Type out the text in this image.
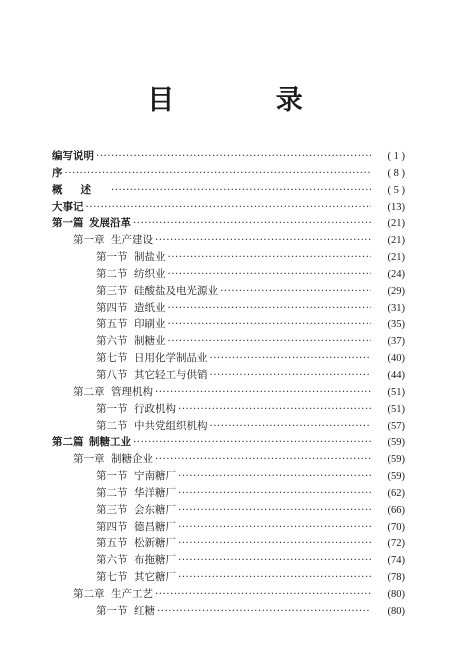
目 录
编写说明 ·····	( 1 )
序 ·····	( 8 )
概述 ·····	( 5 )
大事记 ·····	(13)
第一篇 发展沿革 ·····	(21)
第一章 生产建设 ·····	(21)
第一节 制盐业 ·····	(21)
第二节 纺织业 ·····	(24)
第三节 硅酸盐及电光源业 ·····	(29)
第四节 造纸业 ·····	(31)
第五节 印刷业 ·····	(35)
第六节 制糖业 ·····	(37)
第七节 日用化学制品业 ·····	(40)
第八节 其它轻工与供销 ·····	(44)
第二章 管理机构 ·····	(51)
第一节 行政机构 ·····	(51)
第二节 中共党组织机构 ·····	(57)
第二篇 制糖工业 ·····	(59)
第一章 制糖企业 ·····	(59)
第一节 宁南糖厂 ·····	(59)
第二节 华洋糖厂 ·····	(62)
第三节 会东糖厂 ·····	(66)
第四节 德昌糖厂 ·····	(70)
第五节 松新糖厂 ·····	(72)
第六节 布拖糖厂 ·····	(74)
第七节 其它糖厂 ·····	(78)
第二章 生产工艺 ·····	(80)
第一节 红糖 ·····	(80)
